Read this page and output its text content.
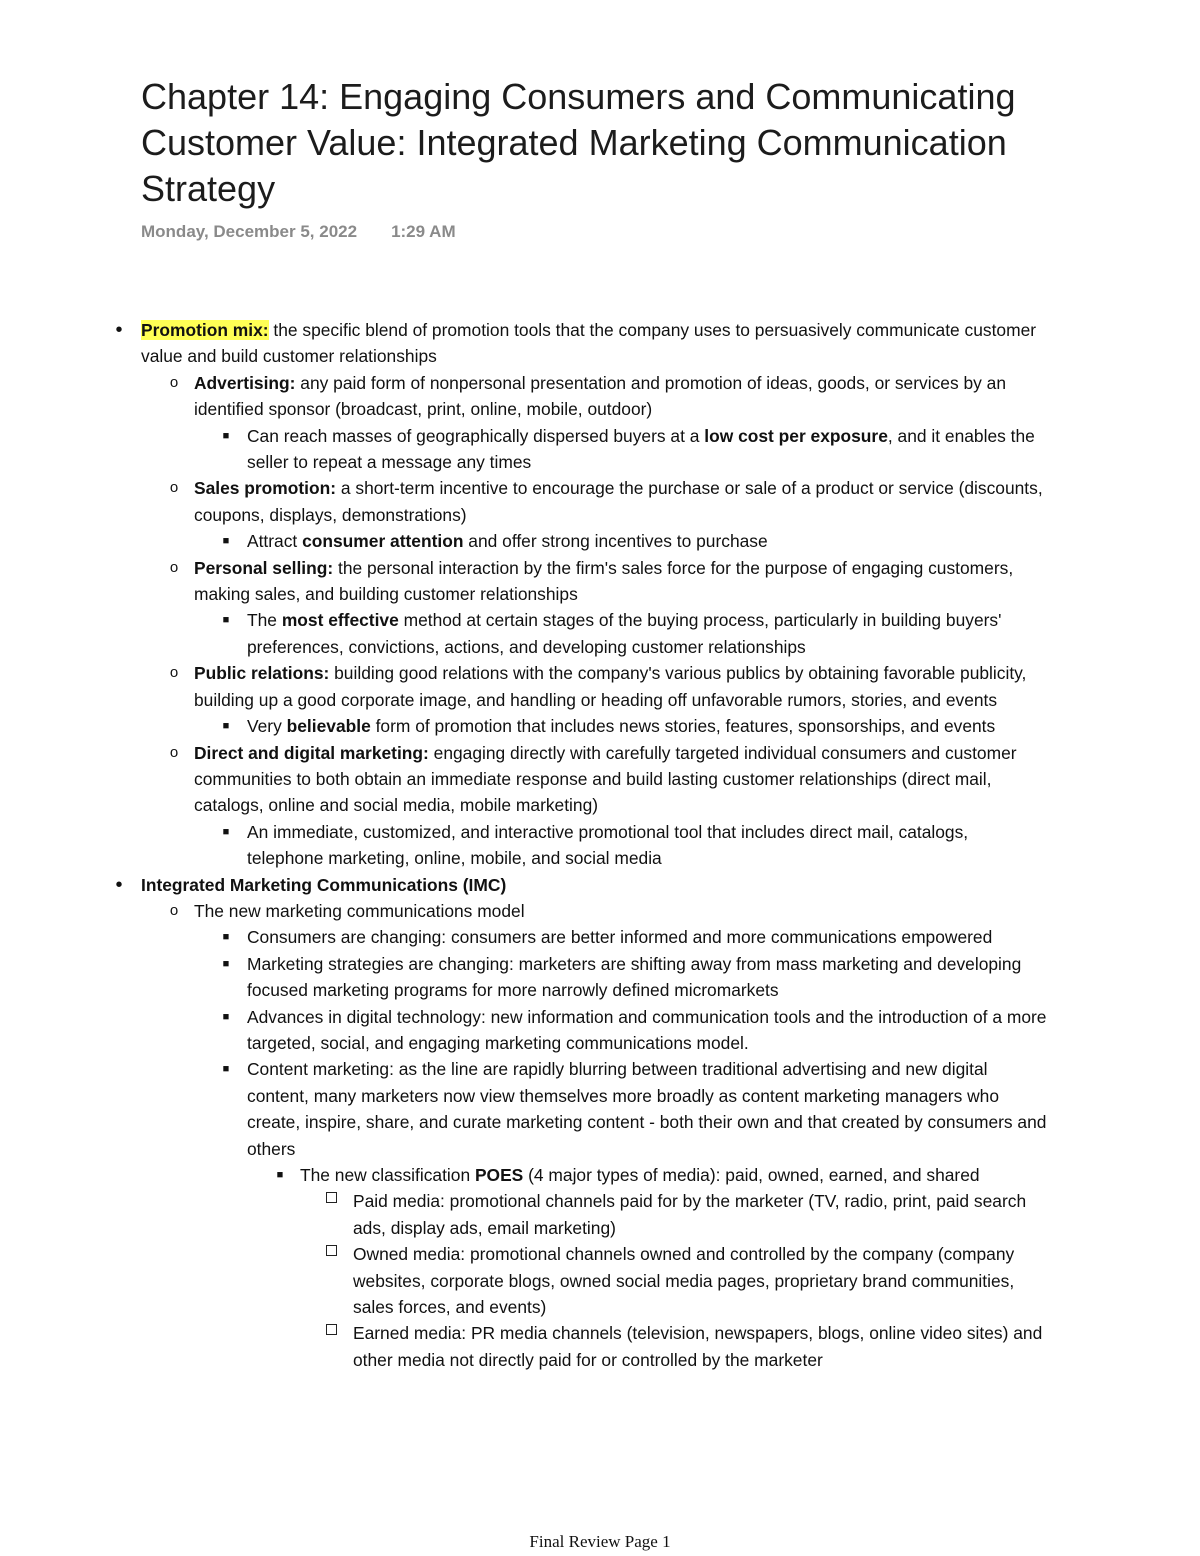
Chapter 14: Engaging Consumers and Communicating Customer Value: Integrated Marketing Communication Strategy
Monday, December 5, 2022 1:29 AM
• Promotion mix: the specific blend of promotion tools that the company uses to persuasively communicate customer value and build customer relationships
o Advertising: any paid form of nonpersonal presentation and promotion of ideas, goods, or services by an identified sponsor (broadcast, print, online, mobile, outdoor)
■ Can reach masses of geographically dispersed buyers at a low cost per exposure, and it enables the seller to repeat a message any times
o Sales promotion: a short-term incentive to encourage the purchase or sale of a product or service (discounts, coupons, displays, demonstrations)
■ Attract consumer attention and offer strong incentives to purchase
o Personal selling: the personal interaction by the firm's sales force for the purpose of engaging customers, making sales, and building customer relationships
■ The most effective method at certain stages of the buying process, particularly in building buyers' preferences, convictions, actions, and developing customer relationships
o Public relations: building good relations with the company's various publics by obtaining favorable publicity, building up a good corporate image, and handling or heading off unfavorable rumors, stories, and events
■ Very believable form of promotion that includes news stories, features, sponsorships, and events
o Direct and digital marketing: engaging directly with carefully targeted individual consumers and customer communities to both obtain an immediate response and build lasting customer relationships (direct mail, catalogs, online and social media, mobile marketing)
■ An immediate, customized, and interactive promotional tool that includes direct mail, catalogs, telephone marketing, online, mobile, and social media
• Integrated Marketing Communications (IMC)
o The new marketing communications model
■ Consumers are changing: consumers are better informed and more communications empowered
■ Marketing strategies are changing: marketers are shifting away from mass marketing and developing focused marketing programs for more narrowly defined micromarkets
■ Advances in digital technology: new information and communication tools and the introduction of a more targeted, social, and engaging marketing communications model.
■ Content marketing: as the line are rapidly blurring between traditional advertising and new digital content, many marketers now view themselves more broadly as content marketing managers who create, inspire, share, and curate marketing content - both their own and that created by consumers and others
■ The new classification POES (4 major types of media): paid, owned, earned, and shared
Paid media: promotional channels paid for by the marketer (TV, radio, print, paid search ads, display ads, email marketing)
Owned media: promotional channels owned and controlled by the company (company websites, corporate blogs, owned social media pages, proprietary brand communities, sales forces, and events)
Earned media: PR media channels (television, newspapers, blogs, online video sites) and other media not directly paid for or controlled by the marketer
Final Review Page 1
